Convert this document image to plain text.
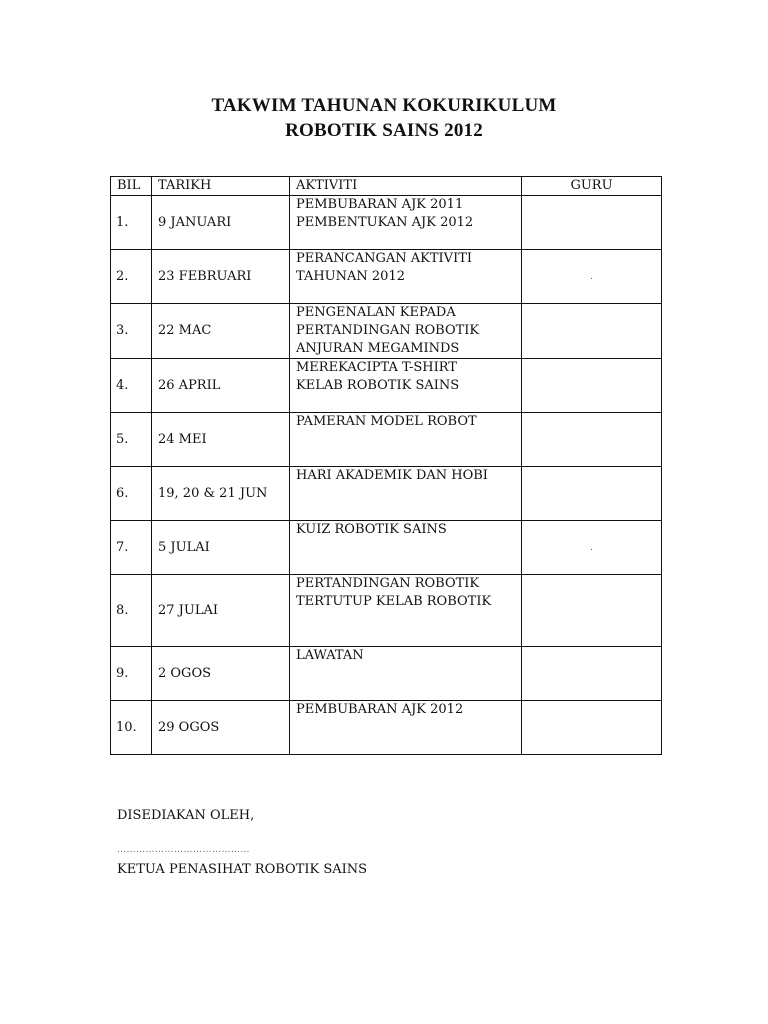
TAKWIM TAHUNAN KOKURIKULUM
ROBOTIK SAINS 2012
BIL	TARIKH	AKTIVITI	GURU
1.	9 JANUARI	PEMBUBARAN AJK 2011
PEMBENTUKAN AJK 2012	
2.	23 FEBRUARI	PERANCANGAN AKTIVITI
TAHUNAN 2012	.
3.	22 MAC	PENGENALAN KEPADA
PERTANDINGAN ROBOTIK
ANJURAN MEGAMINDS	
4.	26 APRIL	MEREKACIPTA T-SHIRT
KELAB ROBOTIK SAINS	
5.	24 MEI	PAMERAN MODEL ROBOT	
6.	19, 20 & 21 JUN	HARI AKADEMIK DAN HOBI	
7.	5 JULAI	KUIZ ROBOTIK SAINS	.
8.	27 JULAI	PERTANDINGAN ROBOTIK
TERTUTUP KELAB ROBOTIK	
9.	2 OGOS	LAWATAN	
10.	29 OGOS	PEMBUBARAN AJK 2012	
DISEDIAKAN OLEH,
……………………………………
KETUA PENASIHAT ROBOTIK SAINS
